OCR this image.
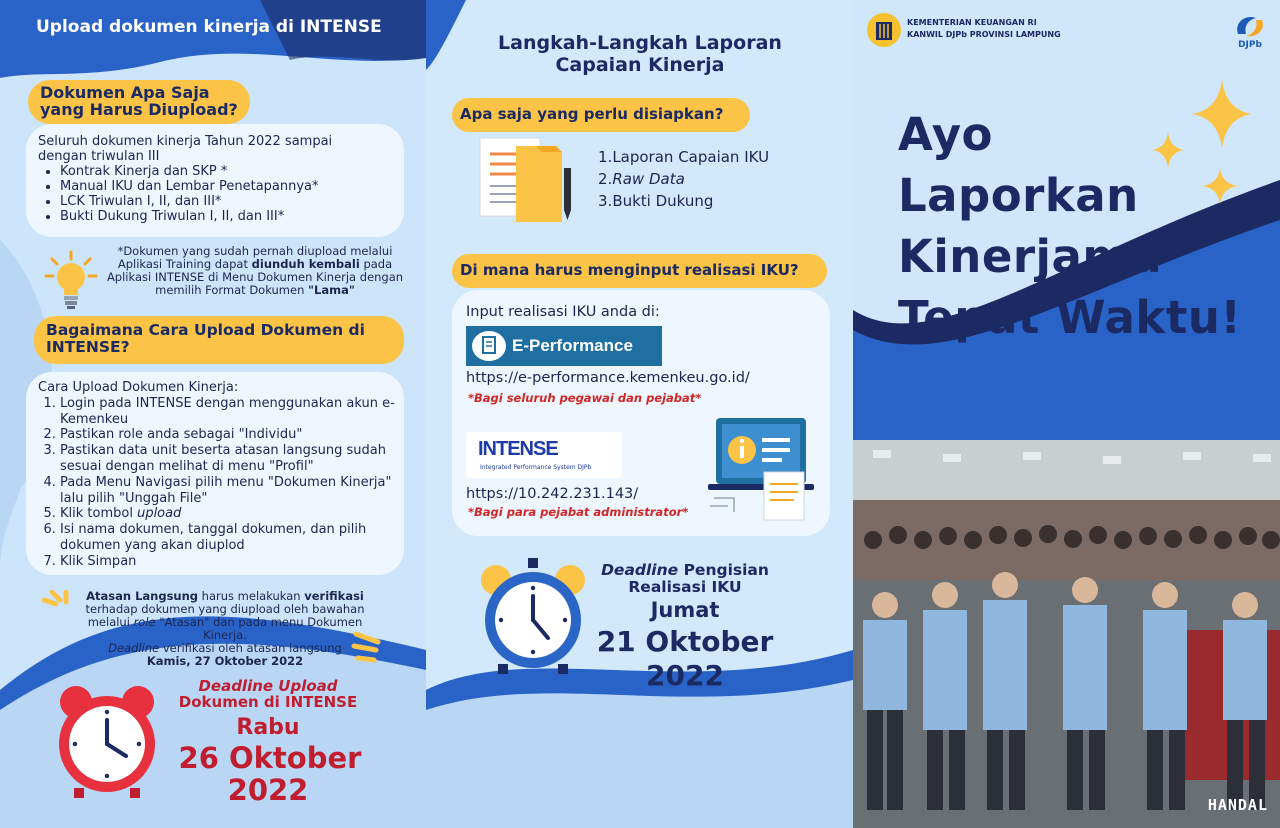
Upload dokumen kinerja di INTENSE
Dokumen Apa Saja
yang Harus Diupload?
Seluruh dokumen kinerja Tahun 2022 sampai
dengan triwulan III
• Kontrak Kinerja dan SKP *
• Manual IKU dan Lembar Penetapannya*
• LCK Triwulan I, II, dan III*
• Bukti Dukung Triwulan I, II, dan III*
*Dokumen yang sudah pernah diupload melalui Aplikasi Training dapat diunduh kembali pada Aplikasi INTENSE di Menu Dokumen Kinerja dengan memilih Format Dokumen "Lama"
Bagaimana Cara Upload Dokumen di
INTENSE?
Cara Upload Dokumen Kinerja:
1. Login pada INTENSE dengan menggunakan akun e-Kemenkeu
2. Pastikan role anda sebagai "Individu"
3. Pastikan data unit beserta atasan langsung sudah sesuai dengan melihat di menu "Profil"
4. Pada Menu Navigasi pilih menu "Dokumen Kinerja" lalu pilih "Unggah File"
5. Klik tombol upload
6. Isi nama dokumen, tanggal dokumen, dan pilih dokumen yang akan diuplod
7. Klik Simpan
Atasan Langsung harus melakukan verifikasi terhadap dokumen yang diupload oleh bawahan melalui role "Atasan" dan pada menu Dokumen Kinerja.
Deadline verifikasi oleh atasan langsung
Kamis, 27 Oktober 2022
Deadline Upload
Dokumen di INTENSE
Rabu
26 Oktober
2022
Langkah-Langkah Laporan
Capaian Kinerja
Apa saja yang perlu disiapkan?
1.Laporan Capaian IKU
2.Raw Data
3.Bukti Dukung
Di mana harus menginput realisasi IKU?
Input realisasi IKU anda di:
E-Performance
https://e-performance.kemenkeu.go.id/
*Bagi seluruh pegawai dan pejabat*
INTENSE
Integrated Performance System DJPb
https://10.242.231.143/
*Bagi para pejabat administrator*
Deadline Pengisian
Realisasi IKU
Jumat
21 Oktober
2022
KEMENTERIAN KEUANGAN RI
KANWIL DJPb PROVINSI LAMPUNG
DJPb
Ayo
Laporkan
Kinerjamu
Tepat Waktu!
HANDAL
